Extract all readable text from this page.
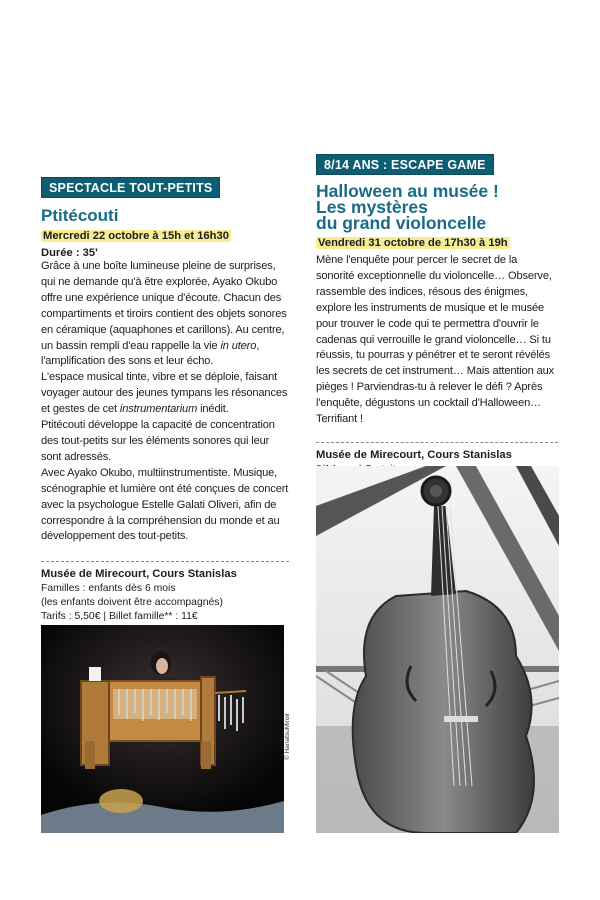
SPECTACLE TOUT-PETITS
Ptitécouti
Mercredi 22 octobre à 15h et 16h30
Durée : 35'

Grâce à une boîte lumineuse pleine de surprises, qui ne demande qu'à être explorée, Ayako Okubo offre une expérience unique d'écoute. Chacun des compartiments et tiroirs contient des objets sonores en céramique (aquaphones et carillons). Au centre, un bassin rempli d'eau rappelle la vie in utero, l'amplification des sons et leur écho.

L'espace musical tinte, vibre et se déploie, faisant voyager autour des jeunes tympans les résonances et gestes de cet instrumentarium inédit.

Ptitécouti développe la capacité de concentration des tout-petits sur les éléments sonores qui leur sont adressés.

Avec Ayako Okubo, multiinstrumentiste. Musique, scénographie et lumière ont été conçues de concert avec la psychologue Estelle Galati Oliveri, afin de correspondre à la compréhension du monde et au développement des tout-petits.

Musée de Mirecourt, Cours Stanislas
Familles : enfants dès 6 mois
(les enfants doivent être accompagnés)
Tarifs : 5,50€ | Billet famille** : 11€
© HanatsuMiroir
8/14 ANS : ESCAPE GAME
Halloween au musée !
Les mystères
du grand violoncelle
Vendredi 31 octobre de 17h30 à 19h
Mène l'enquête pour percer le secret de la sonorité exceptionnelle du violoncelle… Observe, rassemble des indices, résous des énigmes, explore les instruments de musique et le musée pour trouver le code qui te permettra d'ouvrir le cadenas qui verrouille le grand violoncelle… Si tu réussis, tu pourras y pénétrer et te seront révélés les secrets de cet instrument… Mais attention aux pièges ! Parviendras-tu à relever le défi ? Après l'enquête, dégustons un cocktail d'Halloween… Terrifiant !
Musée de Mirecourt, Cours Stanislas
